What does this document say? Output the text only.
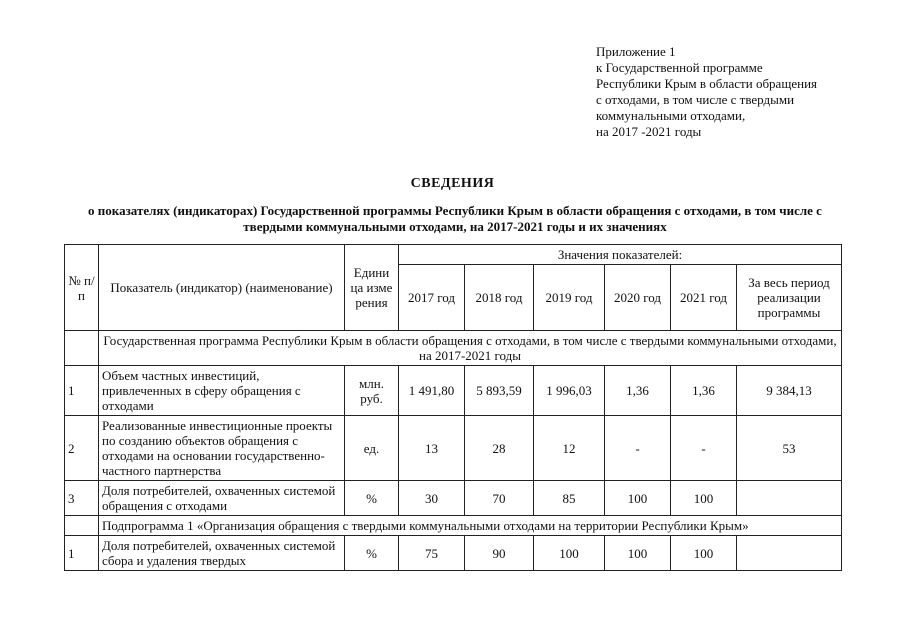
Приложение 1
к Государственной программе
Республики Крым в области обращения
с отходами, в том числе с твердыми
коммунальными отходами,
на 2017 -2021 годы
СВЕДЕНИЯ
о показателях (индикаторах) Государственной программы Республики Крым в области обращения с отходами, в том числе с твердыми коммунальными отходами, на 2017-2021 годы и их значениях
№ п/п	Показатель (индикатор) (наименование)	Едини ца изме рения	Значения показателей:					
			2017 год	2018 год	2019 год	2020 год	2021 год	За весь период реализации программы
	Государственная программа Республики Крым в области обращения с отходами, в том числе с твердыми коммунальными отходами, на 2017-2021 годы							
1	Объем частных инвестиций, привлеченных в сферу обращения с отходами	млн. руб.	1 491,80	5 893,59	1 996,03	1,36	1,36	9 384,13
2	Реализованные инвестиционные проекты по созданию объектов обращения с отходами на основании государственно-частного партнерства	ед.	13	28	12	-	-	53
3	Доля потребителей, охваченных системой обращения с отходами	%	30	70	85	100	100	
	Подпрограмма 1 «Организация обращения с твердыми коммунальными отходами на территории Республики Крым»							
1	Доля потребителей, охваченных системой сбора и удаления твердых	%	75	90	100	100	100	
